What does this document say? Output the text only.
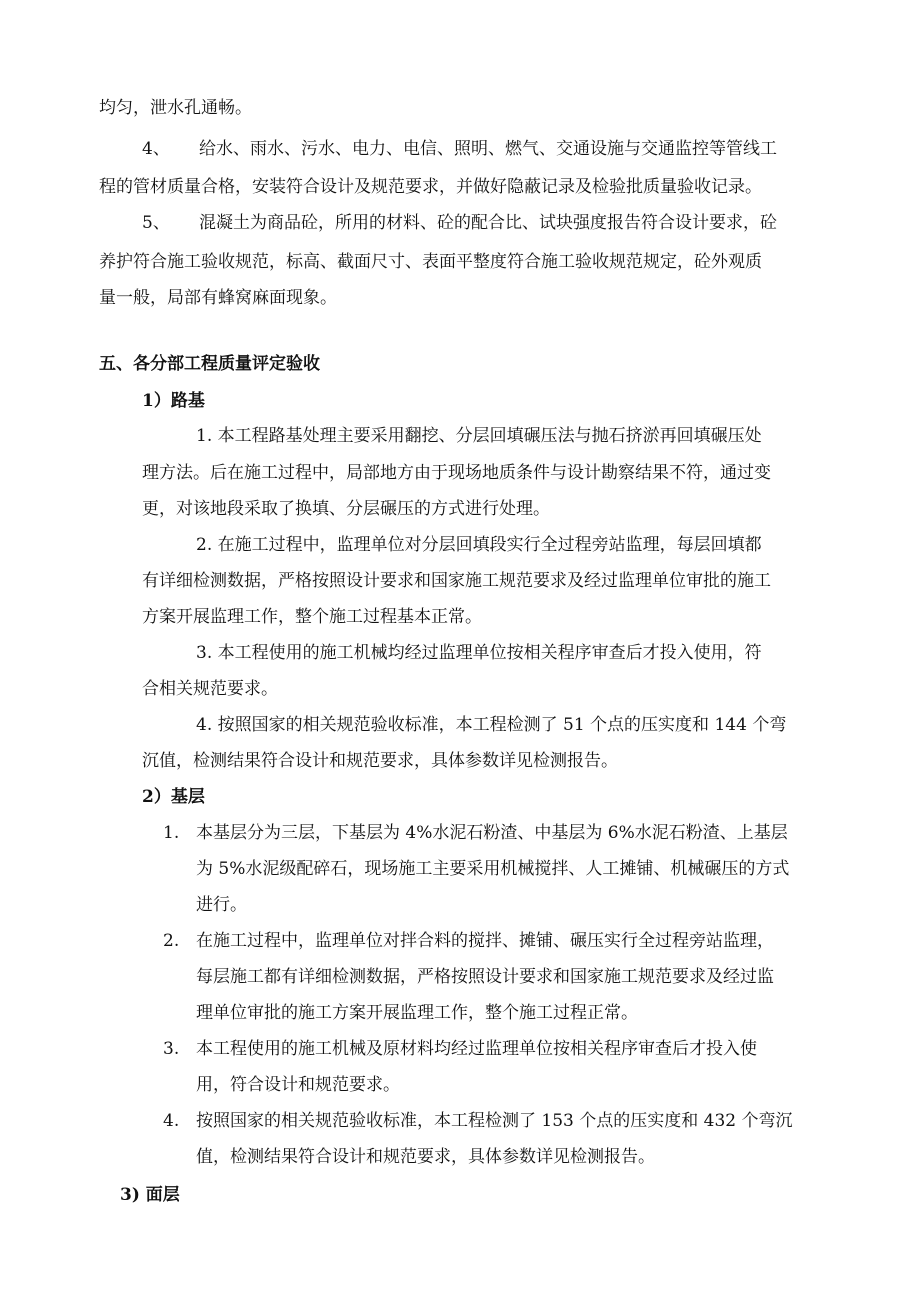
均匀，泄水孔通畅。
4、 给水、雨水、污水、电力、电信、照明、燃气、交通设施与交通监控等管线工
程的管材质量合格，安装符合设计及规范要求，并做好隐蔽记录及检验批质量验收记录。
5、 混凝土为商品砼，所用的材料、砼的配合比、试块强度报告符合设计要求，砼
养护符合施工验收规范，标高、截面尺寸、表面平整度符合施工验收规范规定，砼外观质
量一般，局部有蜂窝麻面现象。
五、各分部工程质量评定验收
1）路基
1. 本工程路基处理主要采用翻挖、分层回填碾压法与抛石挤淤再回填碾压处
理方法。后在施工过程中，局部地方由于现场地质条件与设计勘察结果不符，通过变
更，对该地段采取了换填、分层碾压的方式进行处理。
2. 在施工过程中，监理单位对分层回填段实行全过程旁站监理，每层回填都
有详细检测数据，严格按照设计要求和国家施工规范要求及经过监理单位审批的施工
方案开展监理工作，整个施工过程基本正常。
3. 本工程使用的施工机械均经过监理单位按相关程序审查后才投入使用，符
合相关规范要求。
4. 按照国家的相关规范验收标准，本工程检测了 51 个点的压实度和 144 个弯
沉值，检测结果符合设计和规范要求，具体参数详见检测报告。
2）基层
1. 本基层分为三层，下基层为 4%水泥石粉渣、中基层为 6%水泥石粉渣、上基层
为 5%水泥级配碎石，现场施工主要采用机械搅拌、人工摊铺、机械碾压的方式
进行。
2. 在施工过程中，监理单位对拌合料的搅拌、摊铺、碾压实行全过程旁站监理，
每层施工都有详细检测数据，严格按照设计要求和国家施工规范要求及经过监
理单位审批的施工方案开展监理工作，整个施工过程正常。
3. 本工程使用的施工机械及原材料均经过监理单位按相关程序审查后才投入使
用，符合设计和规范要求。
4. 按照国家的相关规范验收标准，本工程检测了 153 个点的压实度和 432 个弯沉
值，检测结果符合设计和规范要求，具体参数详见检测报告。
3) 面层
